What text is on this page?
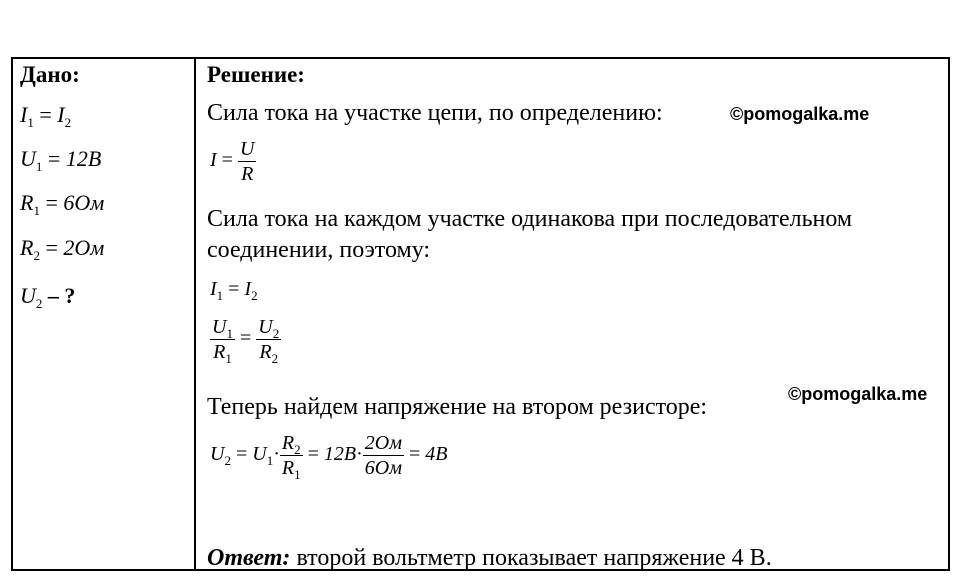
Дано:
$I_1 = I_2$
$U_1 = 12B$
$R_1 = 6Ом$
$R_2 = 2Ом$
$U_2$ – ?
Решение:
Сила тока на участке цепи, по определению:	©pomogalka.me
$I = \frac{U}{R}$
Сила тока на каждом участке одинакова при последовательном
соединении, поэтому:
$I_1 = I_2$
$\frac{U_1}{R_1} = \frac{U_2}{R_2}$
Теперь найдем напряжение на втором резисторе:	©pomogalka.me
$U_2 = U_1\cdot \frac{R_2}{R_1} = 12B\cdot \frac{2Ом}{6Ом} = 4B$
Ответ: второй вольтметр показывает напряжение 4 В.
